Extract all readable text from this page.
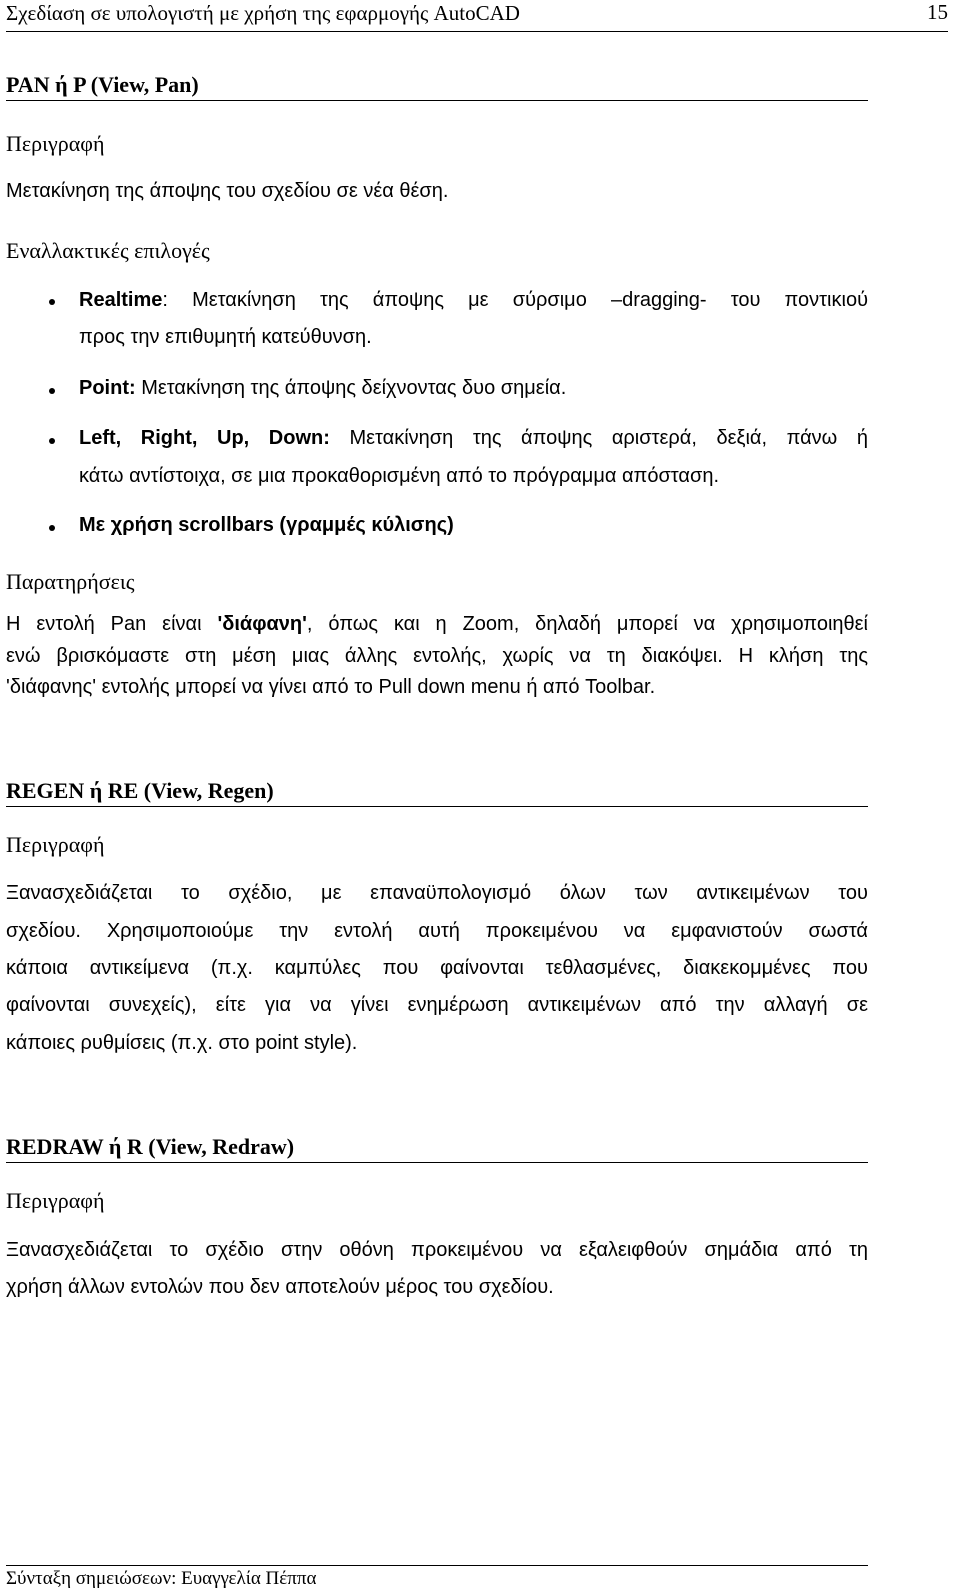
Σχεδίαση σε υπολογιστή με χρήση της εφαρμογής AutoCAD	15
PAN ή P (View, Pan)
Περιγραφή
Μετακίνηση της άποψης του σχεδίου σε νέα θέση.
Εναλλακτικές επιλογές
Realtime: Μετακίνηση της άποψης με σύρσιμο –dragging- του ποντικιού
προς την επιθυμητή κατεύθυνση.
Point: Μετακίνηση της άποψης δείχνοντας δυο σημεία.
Left, Right, Up, Down: Μετακίνηση της άποψης αριστερά, δεξιά, πάνω ή
κάτω αντίστοιχα, σε μια προκαθορισμένη από το πρόγραμμα απόσταση.
Με χρήση scrollbars (γραμμές κύλισης)
Παρατηρήσεις
Η εντολή Pan είναι 'διάφανη', όπως και η Zoom, δηλαδή μπορεί να χρησιμοποιηθεί
ενώ βρισκόμαστε στη μέση μιας άλλης εντολής, χωρίς να τη διακόψει. Η κλήση της
'διάφανης' εντολής μπορεί να γίνει από το Pull down menu ή από Toolbar.
REGEN ή RE (View, Regen)
Περιγραφή
Ξανασχεδιάζεται το σχέδιο, με επαναϋπολογισμό όλων των αντικειμένων του
σχεδίου. Χρησιμοποιούμε την εντολή αυτή προκειμένου να εμφανιστούν σωστά
κάποια αντικείμενα (π.χ. καμπύλες που φαίνονται τεθλασμένες, διακεκομμένες που
φαίνονται συνεχείς), είτε για να γίνει ενημέρωση αντικειμένων από την αλλαγή σε
κάποιες ρυθμίσεις (π.χ. στο point style).
REDRAW ή R (View, Redraw)
Περιγραφή
Ξανασχεδιάζεται το σχέδιο στην οθόνη προκειμένου να εξαλειφθούν σημάδια από τη
χρήση άλλων εντολών που δεν αποτελούν μέρος του σχεδίου.
Σύνταξη σημειώσεων: Ευαγγελία Πέππα
